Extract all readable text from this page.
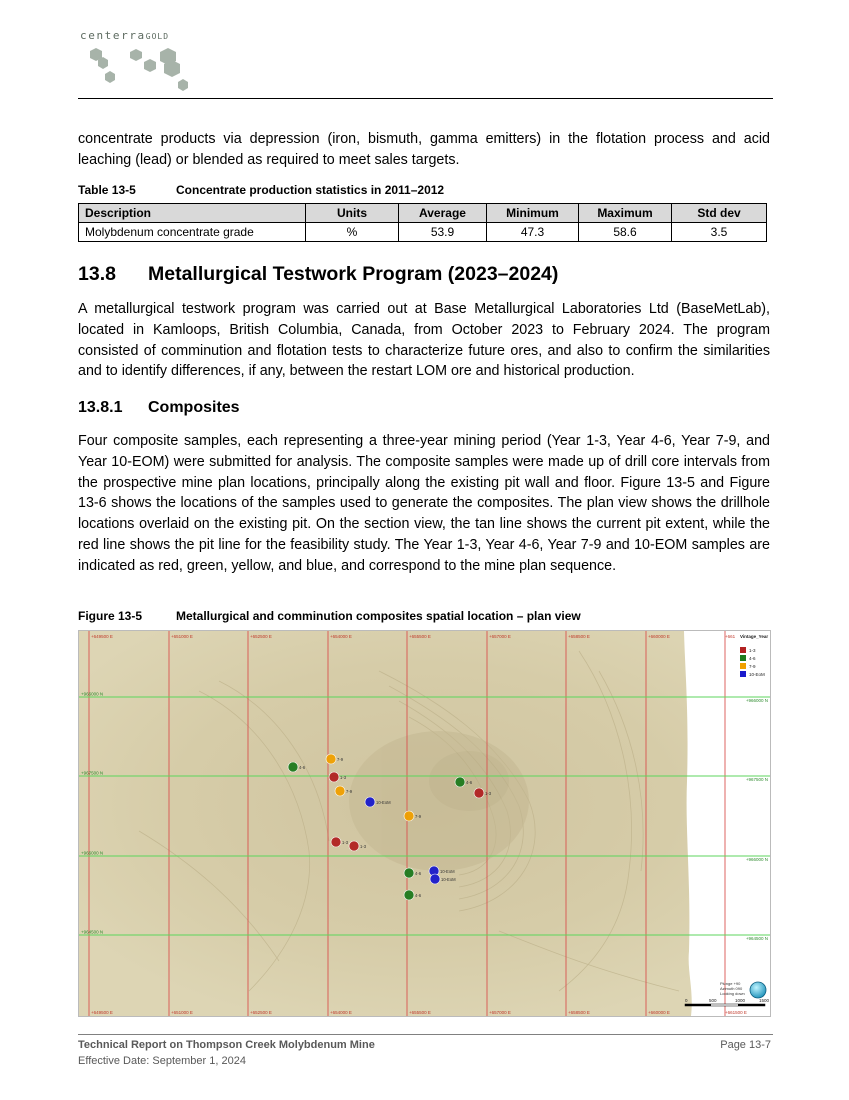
centerraGOLD

concentrate products via depression (iron, bismuth, gamma emitters) in the flotation process and acid leaching (lead) or blended as required to meet sales targets.

Table 13-5	Concentrate production statistics in 2011–2012
Description	Units	Average	Minimum	Maximum	Std dev
Molybdenum concentrate grade	%	53.9	47.3	58.6	3.5
13.8 Metallurgical Testwork Program (2023–2024)

A metallurgical testwork program was carried out at Base Metallurgical Laboratories Ltd (BaseMetLab), located in Kamloops, British Columbia, Canada, from October 2023 to February 2024. The program consisted of comminution and flotation tests to characterize future ores, and also to confirm the similarities and to identify differences, if any, between the restart LOM ore and historical production.

13.8.1 Composites

Four composite samples, each representing a three-year mining period (Year 1-3, Year 4-6, Year 7-9, and Year 10-EOM) were submitted for analysis. The composite samples were made up of drill core intervals from the prospective mine plan locations, principally along the existing pit wall and floor. Figure 13-5 and Figure 13-6 shows the locations of the samples used to generate the composites. The plan view shows the drillhole locations overlaid on the existing pit. On the section view, the tan line shows the current pit extent, while the red line shows the pit line for the feasibility study. The Year 1-3, Year 4-6, Year 7-9 and 10-EOM samples are indicated as red, green, yellow, and blue, and correspond to the mine plan sequence.

Figure 13-5	Metallurgical and comminution composites spatial location – plan view
+649500 E
+649500 E
+651000 E
+651000 E
+652500 E
+652500 E
+654000 E
+654000 E
+655500 E
+655500 E
+657000 E
+657000 E
+658500 E
+658500 E
+660000 E
+660000 E
+661
+661500 E
+966000 N
+966000 N
+967500 N
+967500 N
+966000 N
+966000 N
+964500 N
+964500 N
4-6
7-9
1-3
7-9
10-EoM
4-6
1-3
7-9
1-3
1-3
4-6	10-EoM
10-EoM
4-6
Vintage_Year
1-3
4-6
7-9
10-EoM
Plunge +90
Azimuth 090
Looking down
0	500	1000	1500
Technical Report on Thompson Creek Molybdenum Mine
Effective Date: September 1, 2024
Page 13-7
